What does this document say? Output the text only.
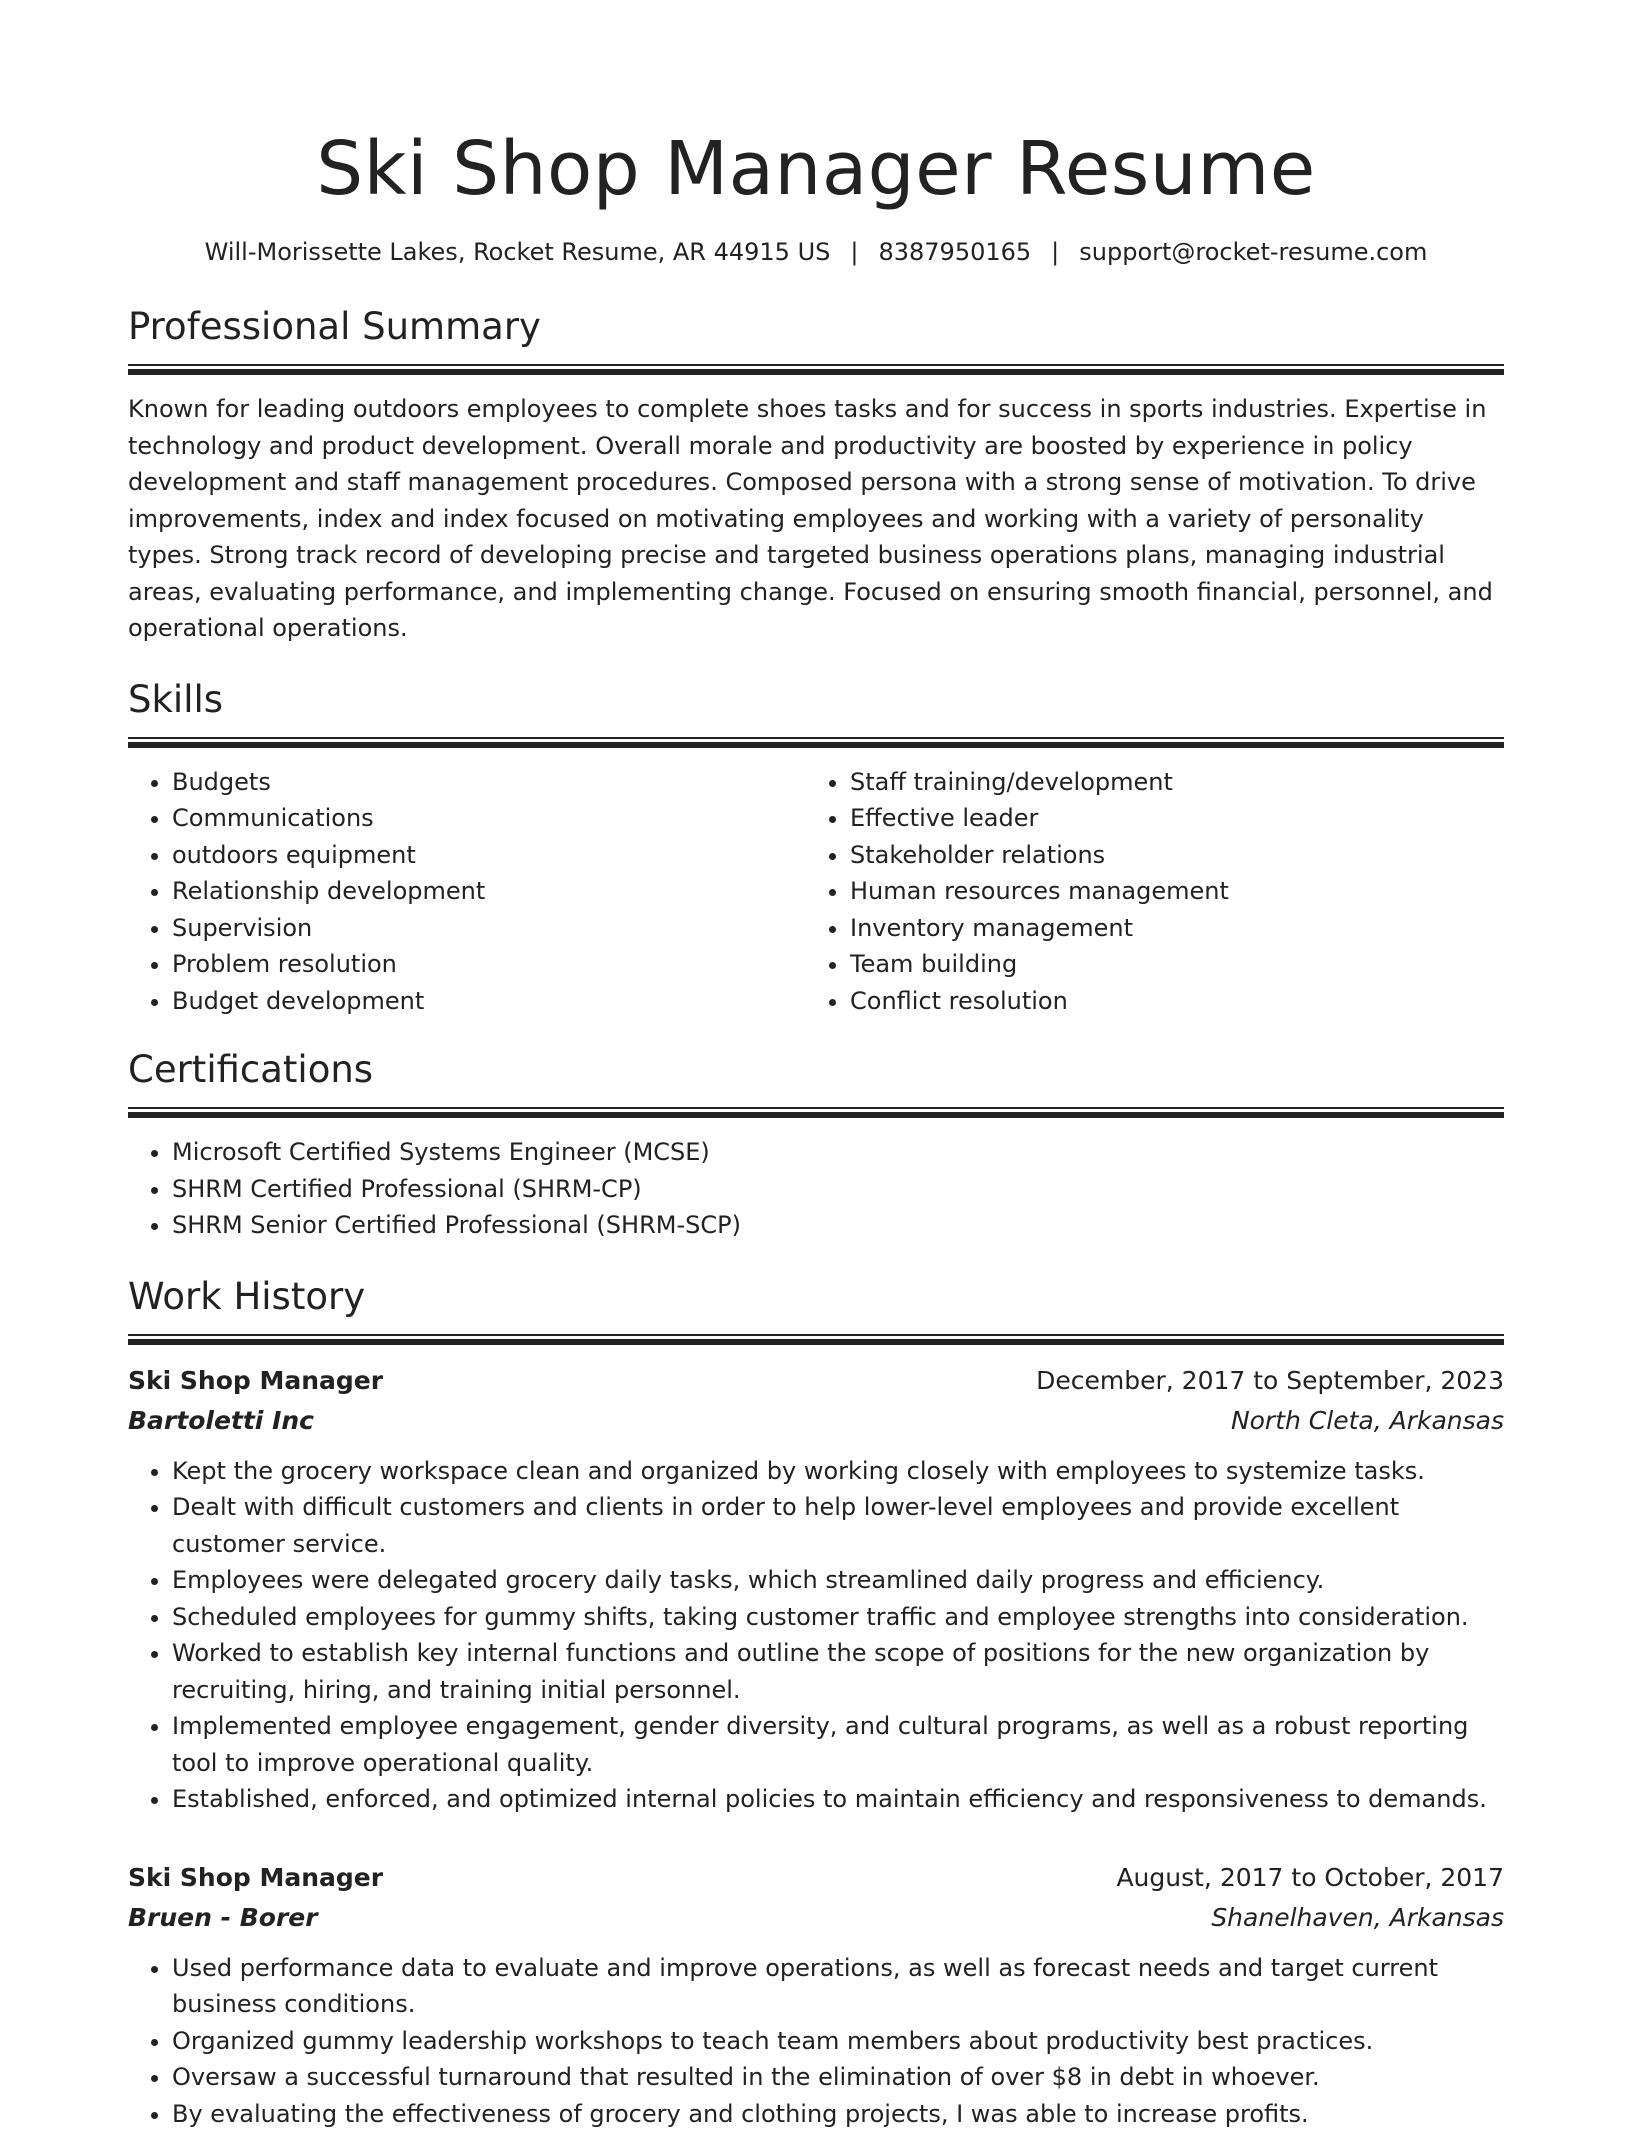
Ski Shop Manager Resume
Will-Morissette Lakes, Rocket Resume, AR 44915 US | 8387950165 | support@rocket-resume.com
Professional Summary
Known for leading outdoors employees to complete shoes tasks and for success in sports industries. Expertise in technology and product development. Overall morale and productivity are boosted by experience in policy development and staff management procedures. Composed persona with a strong sense of motivation. To drive improvements, index and index focused on motivating employees and working with a variety of personality types. Strong track record of developing precise and targeted business operations plans, managing industrial areas, evaluating performance, and implementing change. Focused on ensuring smooth financial, personnel, and operational operations.
Skills
• Budgets
• Communications
• outdoors equipment
• Relationship development
• Supervision
• Problem resolution
• Budget development
• Staff training/development
• Effective leader
• Stakeholder relations
• Human resources management
• Inventory management
• Team building
• Conflict resolution
Certifications
• Microsoft Certified Systems Engineer (MCSE)
• SHRM Certified Professional (SHRM-CP)
• SHRM Senior Certified Professional (SHRM-SCP)
Work History
Ski Shop Manager	December, 2017 to September, 2023
Bartoletti Inc	North Cleta, Arkansas
• Kept the grocery workspace clean and organized by working closely with employees to systemize tasks.
• Dealt with difficult customers and clients in order to help lower-level employees and provide excellent customer service.
• Employees were delegated grocery daily tasks, which streamlined daily progress and efficiency.
• Scheduled employees for gummy shifts, taking customer traffic and employee strengths into consideration.
• Worked to establish key internal functions and outline the scope of positions for the new organization by recruiting, hiring, and training initial personnel.
• Implemented employee engagement, gender diversity, and cultural programs, as well as a robust reporting tool to improve operational quality.
• Established, enforced, and optimized internal policies to maintain efficiency and responsiveness to demands.
Ski Shop Manager	August, 2017 to October, 2017
Bruen - Borer	Shanelhaven, Arkansas
• Used performance data to evaluate and improve operations, as well as forecast needs and target current business conditions.
• Organized gummy leadership workshops to teach team members about productivity best practices.
• Oversaw a successful turnaround that resulted in the elimination of over $8 in debt in whoever.
• By evaluating the effectiveness of grocery and clothing projects, I was able to increase profits.
